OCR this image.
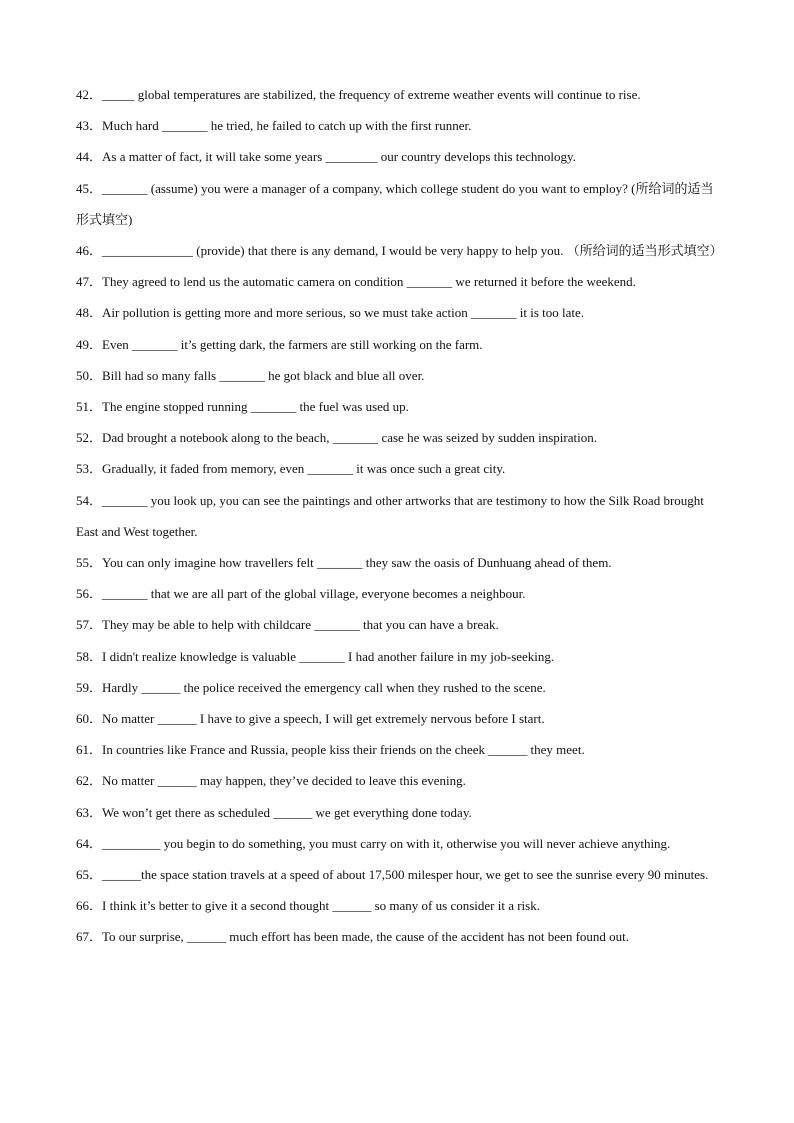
42．_____ global temperatures are stabilized, the frequency of extreme weather events will continue to rise.

43．Much hard _______ he tried, he failed to catch up with the first runner.

44．As a matter of fact, it will take some years ________ our country develops this technology.

45．_______ (assume) you were a manager of a company, which college student do you want to employ? (所给词的适当形式填空)

46．______________ (provide) that there is any demand, I would be very happy to help you. （所给词的适当形式填空）

47．They agreed to lend us the automatic camera on condition _______ we returned it before the weekend.

48．Air pollution is getting more and more serious, so we must take action _______ it is too late.

49．Even _______ it’s getting dark, the farmers are still working on the farm.

50．Bill had so many falls _______ he got black and blue all over.

51．The engine stopped running _______ the fuel was used up.

52．Dad brought a notebook along to the beach, _______ case he was seized by sudden inspiration.

53．Gradually, it faded from memory, even _______ it was once such a great city.

54．_______ you look up, you can see the paintings and other artworks that are testimony to how the Silk Road brought East and West together.

55．You can only imagine how travellers felt _______ they saw the oasis of Dunhuang ahead of them.

56．_______ that we are all part of the global village, everyone becomes a neighbour.

57．They may be able to help with childcare _______ that you can have a break.

58．I didn't realize knowledge is valuable _______ I had another failure in my job-seeking.

59．Hardly ______ the police received the emergency call when they rushed to the scene.

60．No matter ______ I have to give a speech, I will get extremely nervous before I start.

61．In countries like France and Russia, people kiss their friends on the cheek ______ they meet.

62．No matter ______ may happen, they’ve decided to leave this evening.

63．We won’t get there as scheduled ______ we get everything done today.

64．_________ you begin to do something, you must carry on with it, otherwise you will never achieve anything.

65．______the space station travels at a speed of about 17,500 milesper hour, we get to see the sunrise every 90 minutes.

66．I think it’s better to give it a second thought ______ so many of us consider it a risk.

67．To our surprise, ______ much effort has been made, the cause of the accident has not been found out.
